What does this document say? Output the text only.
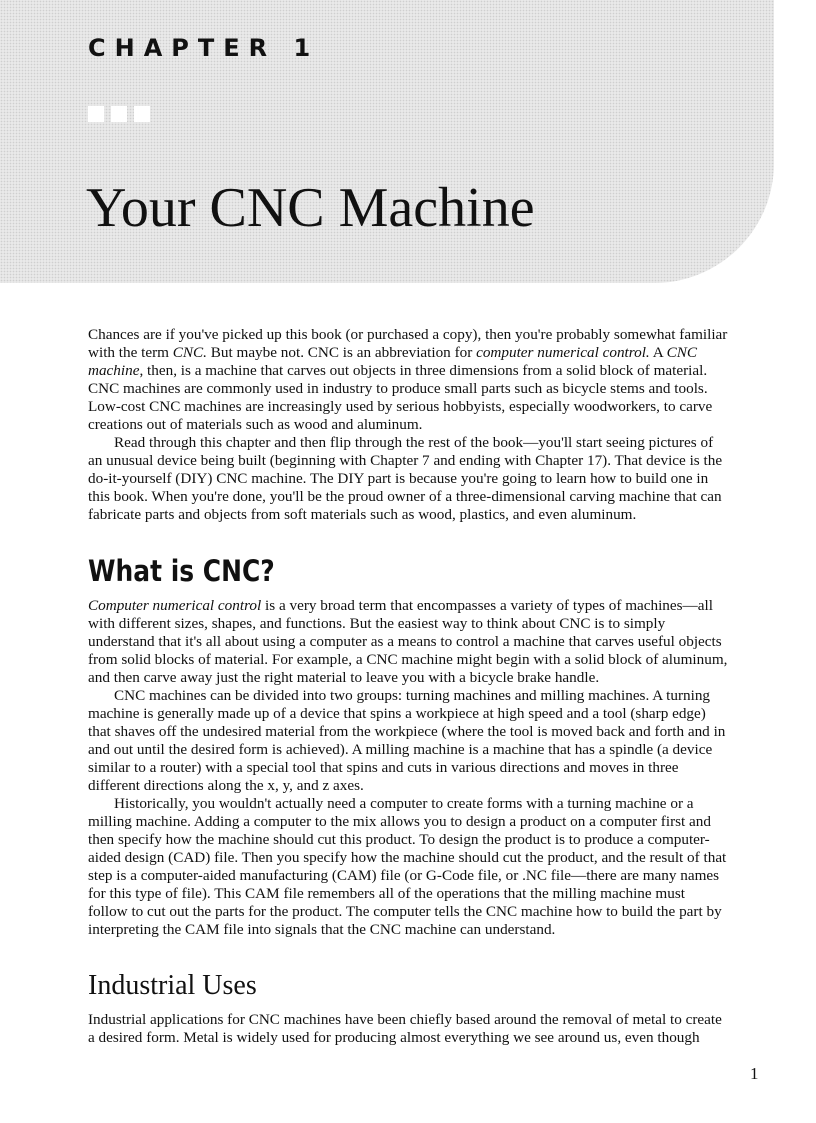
CHAPTER 1
Your CNC Machine

Chances are if you've picked up this book (or purchased a copy), then you're probably somewhat familiar with the term CNC. But maybe not. CNC is an abbreviation for computer numerical control. A CNC machine, then, is a machine that carves out objects in three dimensions from a solid block of material. CNC machines are commonly used in industry to produce small parts such as bicycle stems and tools. Low-cost CNC machines are increasingly used by serious hobbyists, especially woodworkers, to carve creations out of materials such as wood and aluminum.

Read through this chapter and then flip through the rest of the book—you'll start seeing pictures of an unusual device being built (beginning with Chapter 7 and ending with Chapter 17). That device is the do-it-yourself (DIY) CNC machine. The DIY part is because you're going to learn how to build one in this book. When you're done, you'll be the proud owner of a three-dimensional carving machine that can fabricate parts and objects from soft materials such as wood, plastics, and even aluminum.

What is CNC?

Computer numerical control is a very broad term that encompasses a variety of types of machines—all with different sizes, shapes, and functions. But the easiest way to think about CNC is to simply understand that it's all about using a computer as a means to control a machine that carves useful objects from solid blocks of material. For example, a CNC machine might begin with a solid block of aluminum, and then carve away just the right material to leave you with a bicycle brake handle.

CNC machines can be divided into two groups: turning machines and milling machines. A turning machine is generally made up of a device that spins a workpiece at high speed and a tool (sharp edge) that shaves off the undesired material from the workpiece (where the tool is moved back and forth and in and out until the desired form is achieved). A milling machine is a machine that has a spindle (a device similar to a router) with a special tool that spins and cuts in various directions and moves in three different directions along the x, y, and z axes.

Historically, you wouldn't actually need a computer to create forms with a turning machine or a milling machine. Adding a computer to the mix allows you to design a product on a computer first and then specify how the machine should cut this product. To design the product is to produce a computer-aided design (CAD) file. Then you specify how the machine should cut the product, and the result of that step is a computer-aided manufacturing (CAM) file (or G-Code file, or .NC file—there are many names for this type of file). This CAM file remembers all of the operations that the milling machine must follow to cut out the parts for the product. The computer tells the CNC machine how to build the part by interpreting the CAM file into signals that the CNC machine can understand.

Industrial Uses

Industrial applications for CNC machines have been chiefly based around the removal of metal to create a desired form. Metal is widely used for producing almost everything we see around us, even though

1
